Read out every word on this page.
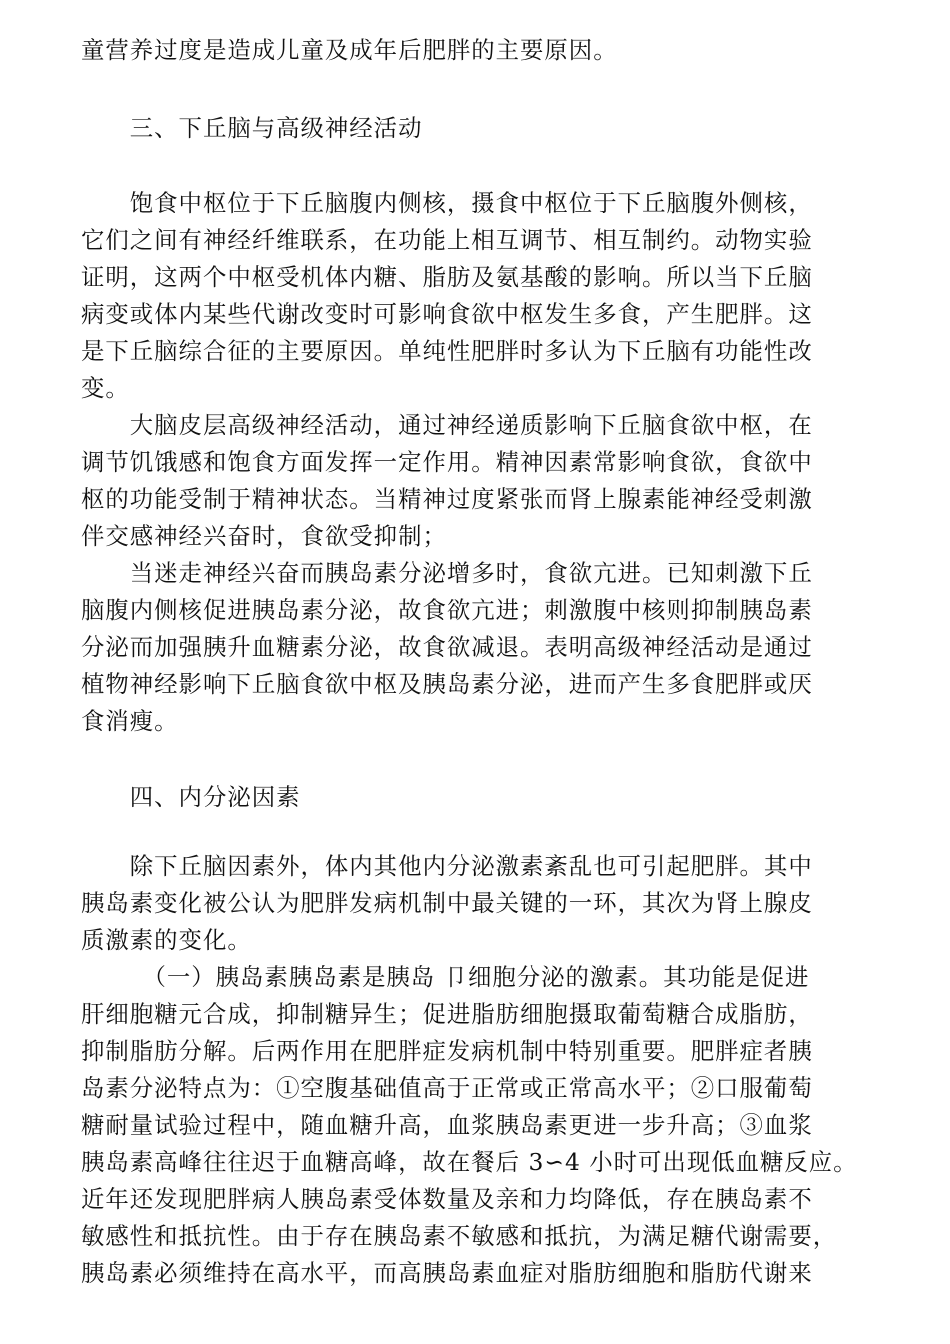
童营养过度是造成儿童及成年后肥胖的主要原因。
　　三、下丘脑与高级神经活动
　　饱食中枢位于下丘脑腹内侧核，摄食中枢位于下丘脑腹外侧核，
它们之间有神经纤维联系，在功能上相互调节、相互制约。动物实验
证明，这两个中枢受机体内糖、脂肪及氨基酸的影响。所以当下丘脑
病变或体内某些代谢改变时可影响食欲中枢发生多食，产生肥胖。这
是下丘脑综合征的主要原因。单纯性肥胖时多认为下丘脑有功能性改
变。
　　大脑皮层高级神经活动，通过神经递质影响下丘脑食欲中枢，在
调节饥饿感和饱食方面发挥一定作用。精神因素常影响食欲，食欲中
枢的功能受制于精神状态。当精神过度紧张而肾上腺素能神经受刺激
伴交感神经兴奋时，食欲受抑制；
　　当迷走神经兴奋而胰岛素分泌增多时，食欲亢进。已知刺激下丘
脑腹内侧核促进胰岛素分泌，故食欲亢进；刺激腹中核则抑制胰岛素
分泌而加强胰升血糖素分泌，故食欲减退。表明高级神经活动是通过
植物神经影响下丘脑食欲中枢及胰岛素分泌，进而产生多食肥胖或厌
食消瘦。
　　四、内分泌因素
　　除下丘脑因素外，体内其他内分泌激素紊乱也可引起肥胖。其中
胰岛素变化被公认为肥胖发病机制中最关键的一环，其次为肾上腺皮
质激素的变化。
　　　（一）胰岛素胰岛素是胰岛 卩细胞分泌的激素。其功能是促进
肝细胞糖元合成，抑制糖异生；促进脂肪细胞摄取葡萄糖合成脂肪，
抑制脂肪分解。后两作用在肥胖症发病机制中特别重要。肥胖症者胰
岛素分泌特点为：①空腹基础值高于正常或正常高水平；②口服葡萄
糖耐量试验过程中，随血糖升高，血浆胰岛素更进一步升高；③血浆
胰岛素高峰往往迟于血糖高峰，故在餐后 3∽4 小时可出现低血糖反应。
近年还发现肥胖病人胰岛素受体数量及亲和力均降低，存在胰岛素不
敏感性和抵抗性。由于存在胰岛素不敏感和抵抗，为满足糖代谢需要，
胰岛素必须维持在高水平，而高胰岛素血症对脂肪细胞和脂肪代谢来
